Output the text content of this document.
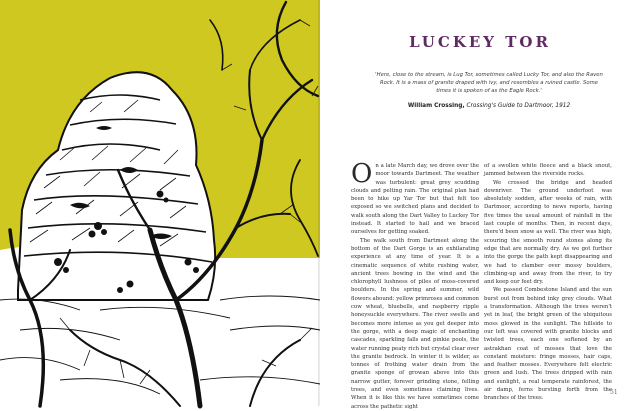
LUCKEY TOR

'Here, close to the stream, is Lug Tor, sometimes called Lucky Tor, and also the Raven Rock. It is a mass of granite draped with ivy, and resembles a ruined castle. Some times it is spoken of as the Eagle Rock.'

William Crossing, Crossing's Guide to Dartmoor, 1912

On a late March day, we drove over the moor towards Dartmeet. The weather was turbulent: great grey scudding clouds and pelting rain. The original plan had been to hike up Yar Tor but that felt too exposed so we switched plans and decided to walk south along the Dart Valley to Luckey Tor instead. It started to hail and we braced ourselves for getting soaked.

The walk south from Dartmeet along the bottom of the Dart Gorge is an exhilarating experience at any time of year. It is a cinematic sequence of white rushing water, ancient trees bowing in the wind and the chlorophyll lushness of piles of moss-covered boulders. In the spring and summer, wild flowers abound: yellow primroses and common cow wheat, bluebells, and raspberry ripple honeysuckle everywhere. The river swells and becomes more intense as you get deeper into the gorge, with a deep magic of enchanting cascades, sparkling falls and pinkie pools, the water running peaty rich but crystal clear over the granite bedrock. In winter it is wilder, as tonnes of frothing water drain from the granite sponge of growan above into this narrow gutter, forever grinding stone, felling trees, and even sometimes claiming lives. When it is like this we have sometimes come across the pathetic sight

of a swollen white fleece and a black snout, jammed between the riverside rocks.

We crossed the bridge and headed downriver. The ground underfoot was absolutely sodden, after weeks of rain, with Dartmoor, according to news reports, having five times the usual amount of rainfall in the last couple of months. Then, in recent days, there'd been snow as well. The river was high, scouring the smooth round stones along its edge that are normally dry. As we got further into the gorge the path kept disappearing and we had to clamber over mossy boulders, climbing-up and away from the river, to try and keep our feet dry.

We passed Combestone Island and the sun burst out from behind inky grey clouds. What a transformation. Although the trees weren't yet in leaf, the bright green of the ubiquitous moss glowed in the sunlight. The hillside to our left was covered with granite blocks and twisted trees, each one softened by an astrakhan coat of mosses that love the constant moisture: fringe mosses, hair caps, and feather mosses. Everywhere felt electric green and lush. The trees dripped with rain and sunlight, a real temperate rainforest, the air damp, ferns bursting forth from the branches of the trees.

51
